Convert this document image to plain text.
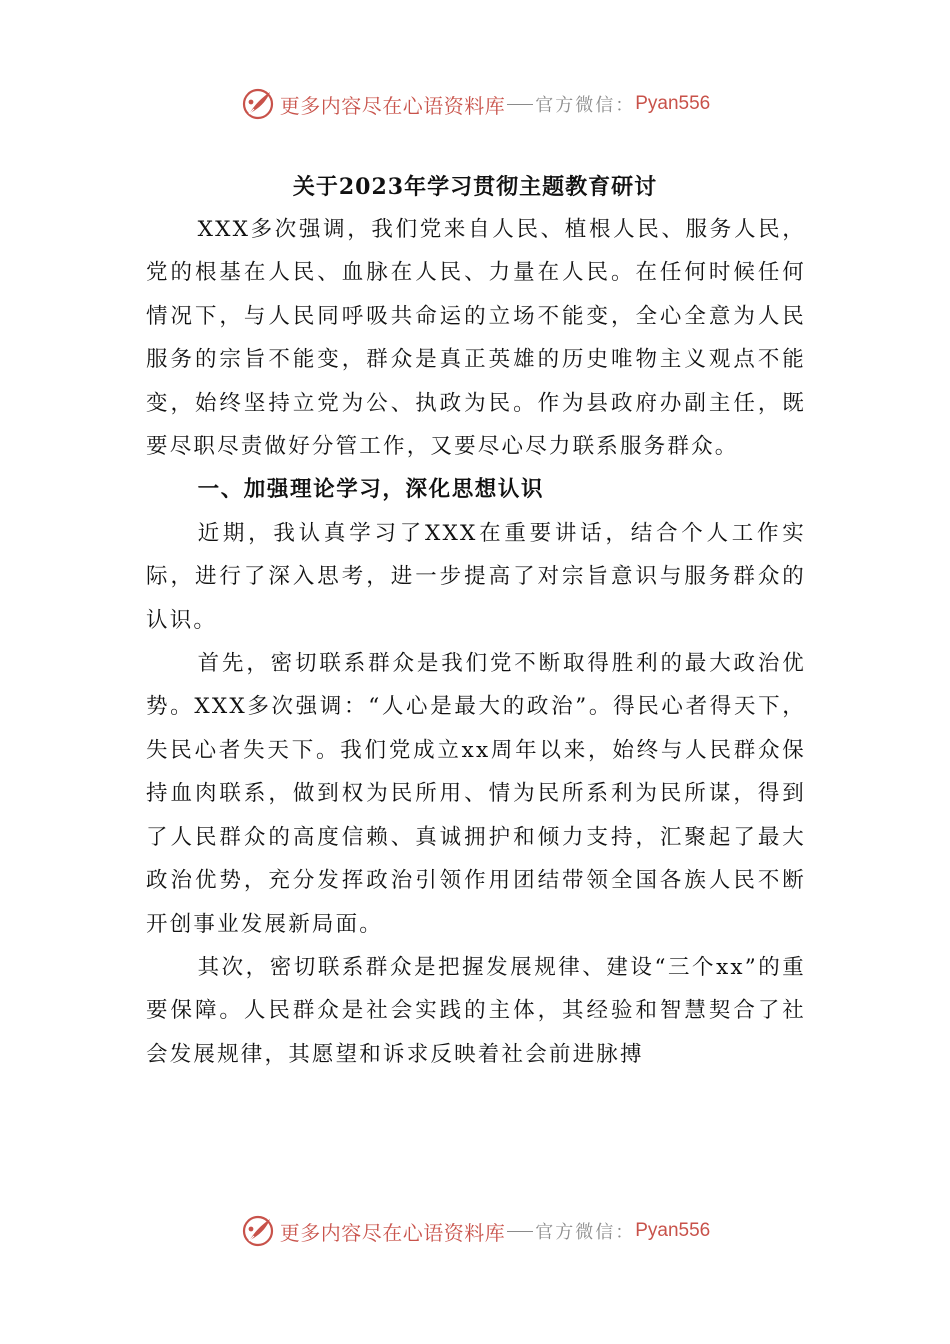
更多内容尽在心语资料库 官方微信： Pyan556
关于2023年学习贯彻主题教育研讨

XXX多次强调，我们党来自人民、植根人民、服务人民，党的根基在人民、血脉在人民、力量在人民。在任何时候任何情况下，与人民同呼吸共命运的立场不能变，全心全意为人民服务的宗旨不能变，群众是真正英雄的历史唯物主义观点不能变，始终坚持立党为公、执政为民。作为县政府办副主任，既要尽职尽责做好分管工作，又要尽心尽力联系服务群众。

一、加强理论学习，深化思想认识

近期，我认真学习了XXX在重要讲话，结合个人工作实际，进行了深入思考，进一步提高了对宗旨意识与服务群众的认识。

首先，密切联系群众是我们党不断取得胜利的最大政治优势。XXX多次强调：“人心是最大的政治”。得民心者得天下，失民心者失天下。我们党成立xx周年以来，始终与人民群众保持血肉联系，做到权为民所用、情为民所系利为民所谋，得到了人民群众的高度信赖、真诚拥护和倾力支持，汇聚起了最大政治优势，充分发挥政治引领作用团结带领全国各族人民不断开创事业发展新局面。

其次，密切联系群众是把握发展规律、建设“三个xx”的重要保障。人民群众是社会实践的主体，其经验和智慧契合了社会发展规律，其愿望和诉求反映着社会前进脉搏

更多内容尽在心语资料库 官方微信： Pyan556
